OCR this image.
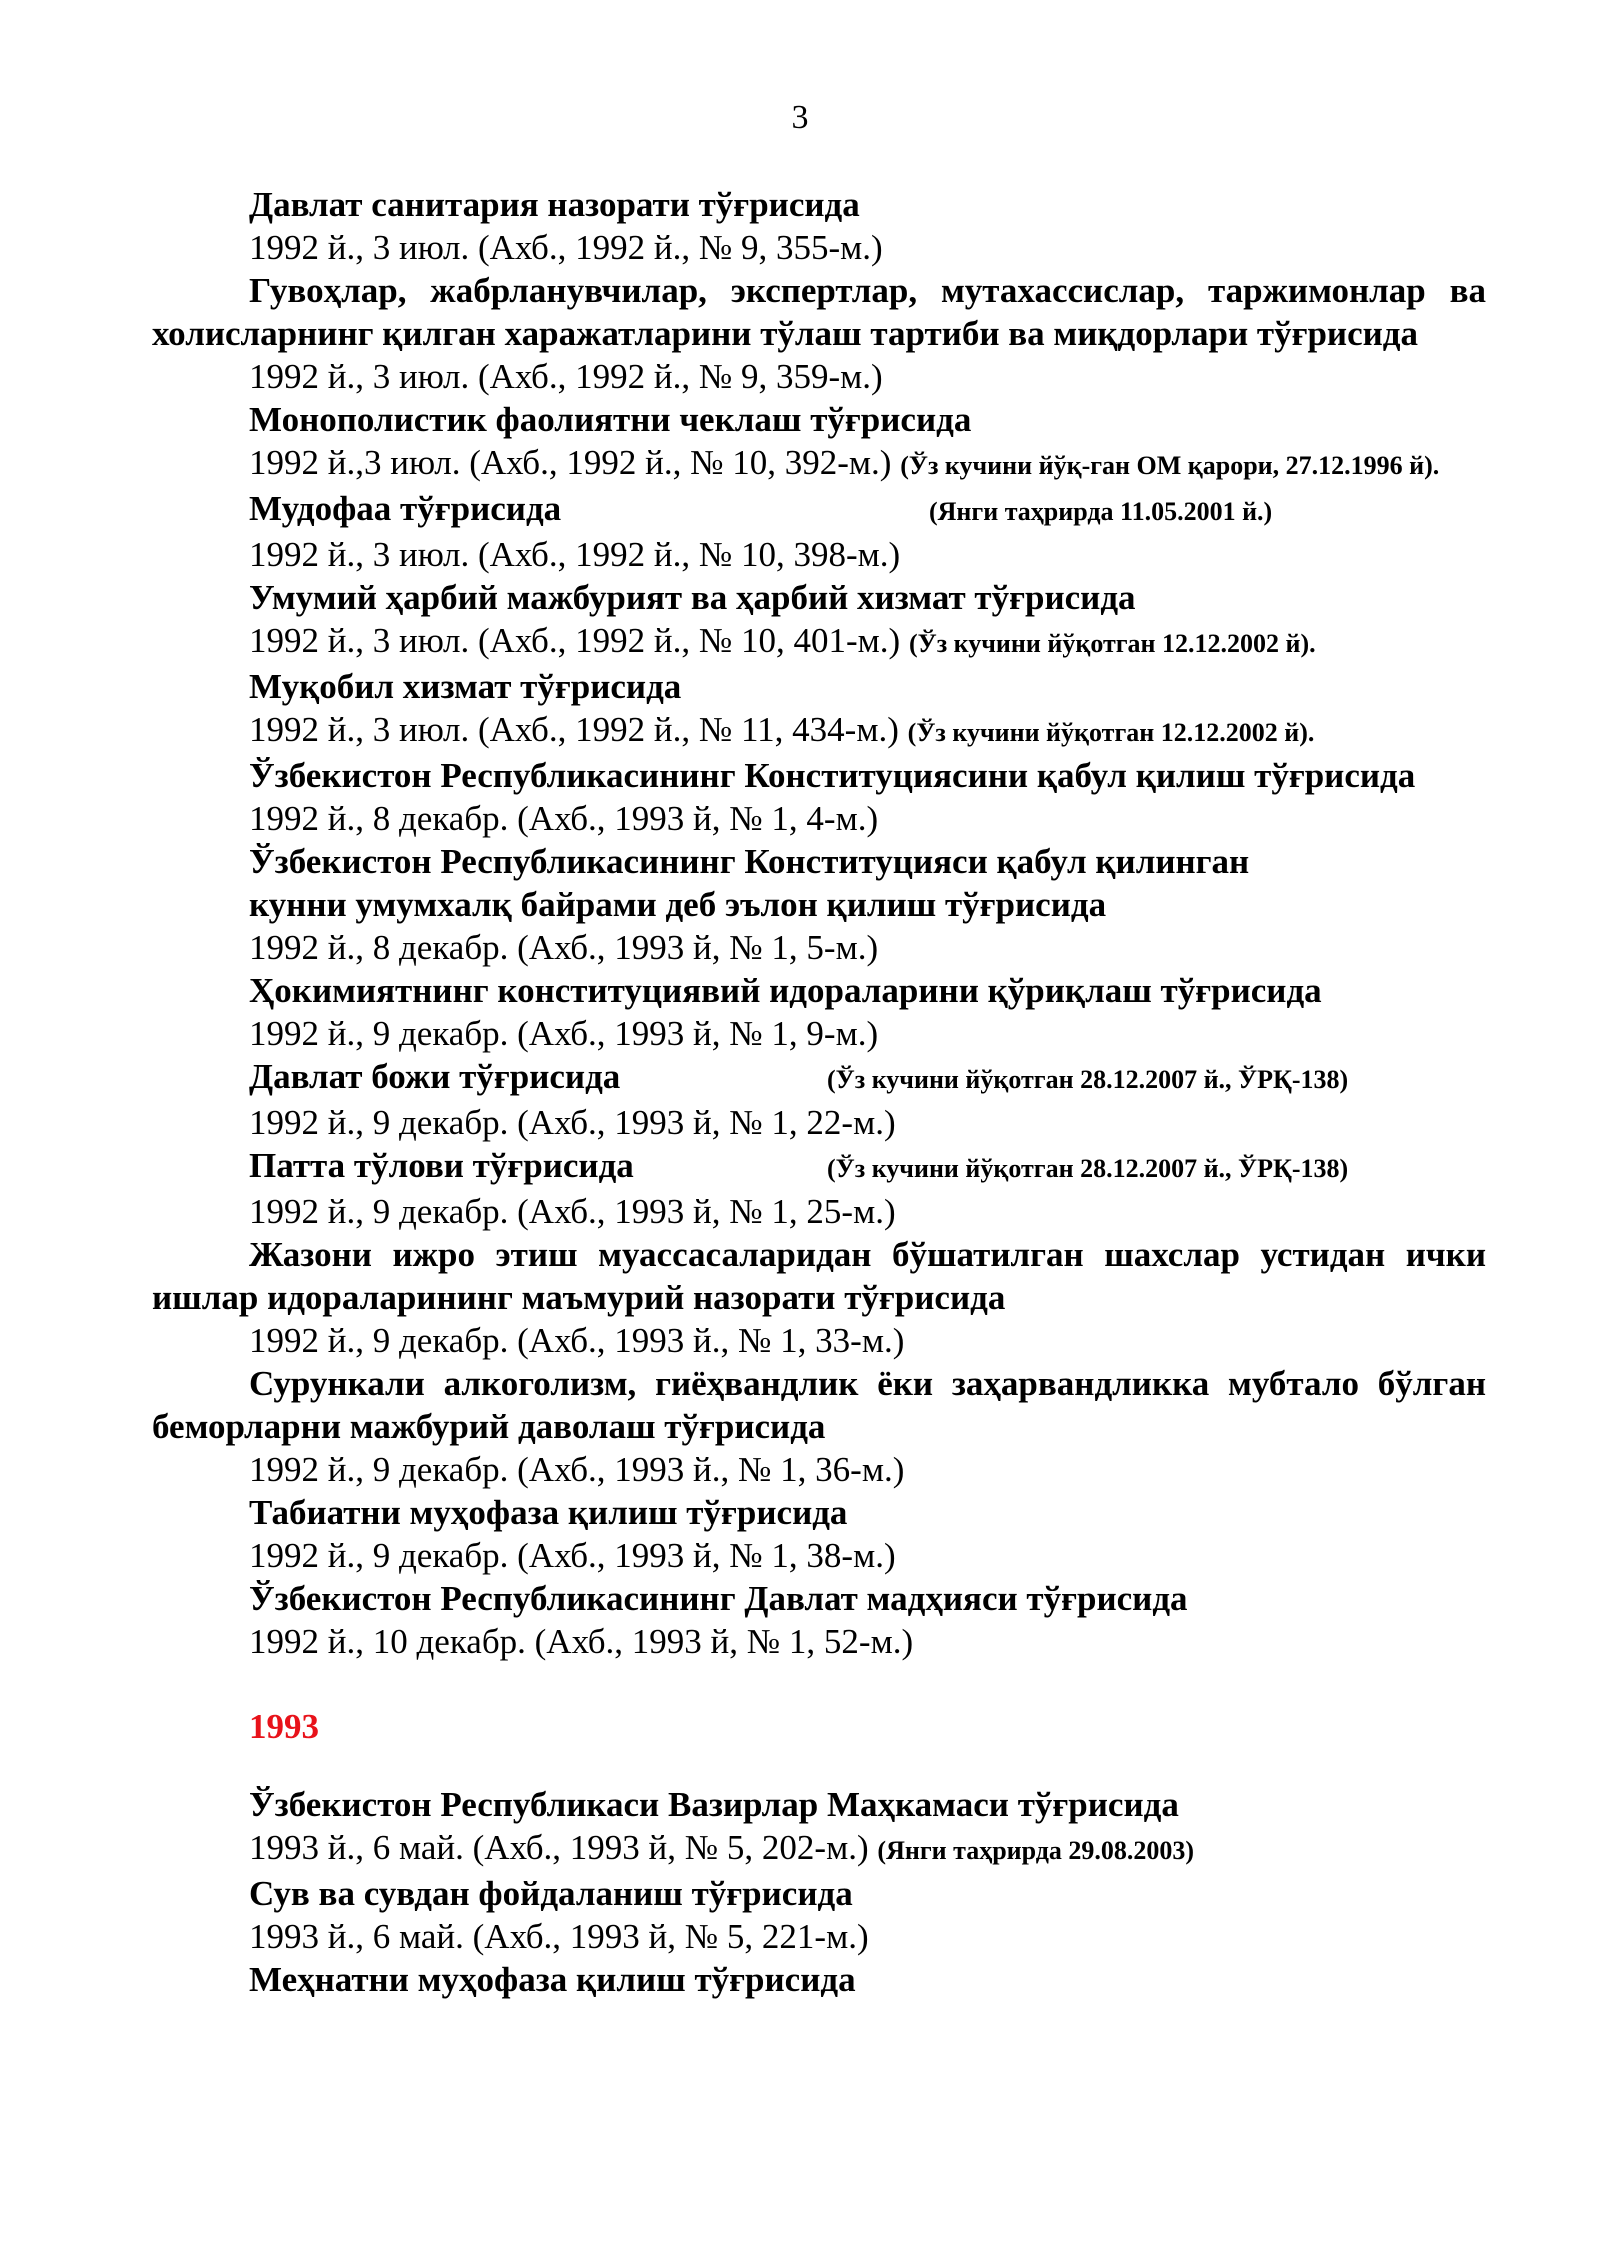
3

Давлат санитария назорати тўғрисида

1992 й., 3 июл. (Ахб., 1992 й., № 9, 355-м.)

Гувоҳлар, жабрланувчилар, экспертлар, мутахассислар, таржимонлар ва холисларнинг қилган харажатларини тўлаш тартиби ва миқдорлари тўғрисида

1992 й., 3 июл. (Ахб., 1992 й., № 9, 359-м.)

Монополистик фаолиятни чеклаш тўғрисида

1992 й.,3 июл. (Ахб., 1992 й., № 10, 392-м.) (Ўз кучини йўқ-ган ОМ қарори, 27.12.1996 й).

Мудофаа тўғрисида	(Янги таҳрирда 11.05.2001 й.)

1992 й., 3 июл. (Ахб., 1992 й., № 10, 398-м.)

Умумий ҳарбий мажбурият ва ҳарбий хизмат тўғрисида

1992 й., 3 июл. (Ахб., 1992 й., № 10, 401-м.) (Ўз кучини йўқотган 12.12.2002 й).

Муқобил хизмат тўғрисида

1992 й., 3 июл. (Ахб., 1992 й., № 11, 434-м.) (Ўз кучини йўқотган 12.12.2002 й).

Ўзбекистон Республикасининг Конституциясини қабул қилиш тўғрисида

1992 й., 8 декабр. (Ахб., 1993 й, № 1, 4-м.)

Ўзбекистон Республикасининг Конституцияси қабул қилинган

кунни умумхалқ байрами деб эълон қилиш тўғрисида

1992 й., 8 декабр. (Ахб., 1993 й, № 1, 5-м.)

Ҳокимиятнинг конституциявий идораларини қўриқлаш тўғрисида

1992 й., 9 декабр. (Ахб., 1993 й, № 1, 9-м.)

Давлат божи тўғрисида	(Ўз кучини йўқотган 28.12.2007 й., ЎРҚ-138)

1992 й., 9 декабр. (Ахб., 1993 й, № 1, 22-м.)

Патта тўлови тўғрисида	(Ўз кучини йўқотган 28.12.2007 й., ЎРҚ-138)

1992 й., 9 декабр. (Ахб., 1993 й, № 1, 25-м.)

Жазони ижро этиш муассасаларидан бўшатилган шахслар устидан ички ишлар идораларининг маъмурий назорати тўғрисида

1992 й., 9 декабр. (Ахб., 1993 й., № 1, 33-м.)

Сурункали алкоголизм, гиёҳвандлик ёки заҳарвандликка мубтало бўлган беморларни мажбурий даволаш тўғрисида

1992 й., 9 декабр. (Ахб., 1993 й., № 1, 36-м.)

Табиатни муҳофаза қилиш тўғрисида

1992 й., 9 декабр. (Ахб., 1993 й, № 1, 38-м.)

Ўзбекистон Республикасининг Давлат мадҳияси тўғрисида

1992 й., 10 декабр. (Ахб., 1993 й, № 1, 52-м.)

1993

Ўзбекистон Республикаси Вазирлар Маҳкамаси тўғрисида

1993 й., 6 май. (Ахб., 1993 й, № 5, 202-м.) (Янги таҳрирда 29.08.2003)

Сув ва сувдан фойдаланиш тўғрисида

1993 й., 6 май. (Ахб., 1993 й, № 5, 221-м.)

Меҳнатни муҳофаза қилиш тўғрисида
